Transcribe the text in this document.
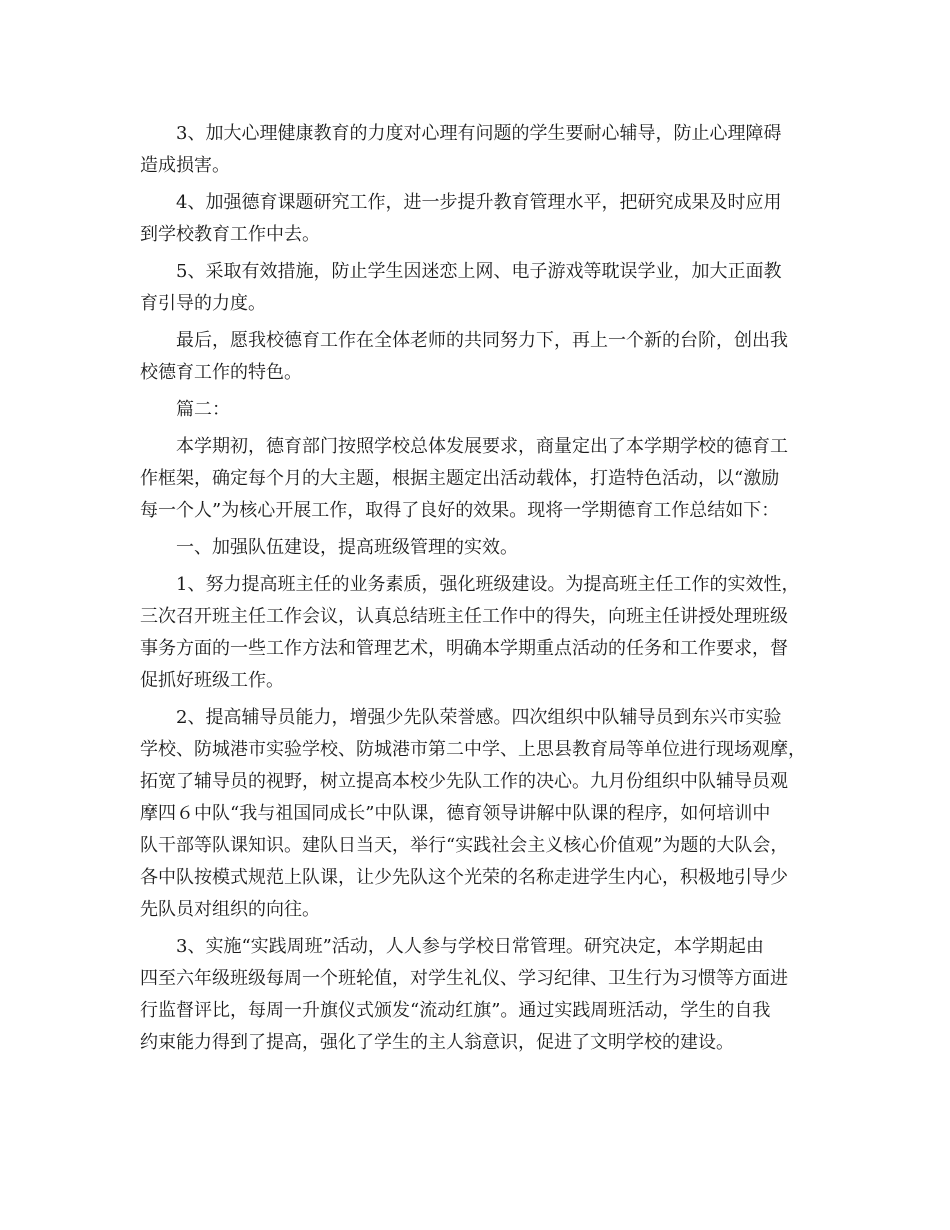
3、加大心理健康教育的力度对心理有问题的学生要耐心辅导，防止心理障碍
造成损害。
4、加强德育课题研究工作，进一步提升教育管理水平，把研究成果及时应用
到学校教育工作中去。
5、采取有效措施，防止学生因迷恋上网、电子游戏等耽误学业，加大正面教
育引导的力度。
最后，愿我校德育工作在全体老师的共同努力下，再上一个新的台阶，创出我
校德育工作的特色。
篇二：
本学期初，德育部门按照学校总体发展要求，商量定出了本学期学校的德育工
作框架，确定每个月的大主题，根据主题定出活动载体，打造特色活动，以“激励
每一个人”为核心开展工作，取得了良好的效果。现将一学期德育工作总结如下：
一、加强队伍建设，提高班级管理的实效。
1、努力提高班主任的业务素质，强化班级建设。为提高班主任工作的实效性，
三次召开班主任工作会议，认真总结班主任工作中的得失，向班主任讲授处理班级
事务方面的一些工作方法和管理艺术，明确本学期重点活动的任务和工作要求，督
促抓好班级工作。
2、提高辅导员能力，增强少先队荣誉感。四次组织中队辅导员到东兴市实验
学校、防城港市实验学校、防城港市第二中学、上思县教育局等单位进行现场观摩，
拓宽了辅导员的视野，树立提高本校少先队工作的决心。九月份组织中队辅导员观
摩四６中队“我与祖国同成长”中队课，德育领导讲解中队课的程序，如何培训中
队干部等队课知识。建队日当天，举行“实践社会主义核心价值观”为题的大队会，
各中队按模式规范上队课，让少先队这个光荣的名称走进学生内心，积极地引导少
先队员对组织的向往。
3、实施“实践周班”活动，人人参与学校日常管理。研究决定，本学期起由
四至六年级班级每周一个班轮值，对学生礼仪、学习纪律、卫生行为习惯等方面进
行监督评比，每周一升旗仪式颁发“流动红旗”。通过实践周班活动，学生的自我
约束能力得到了提高，强化了学生的主人翁意识，促进了文明学校的建设。
